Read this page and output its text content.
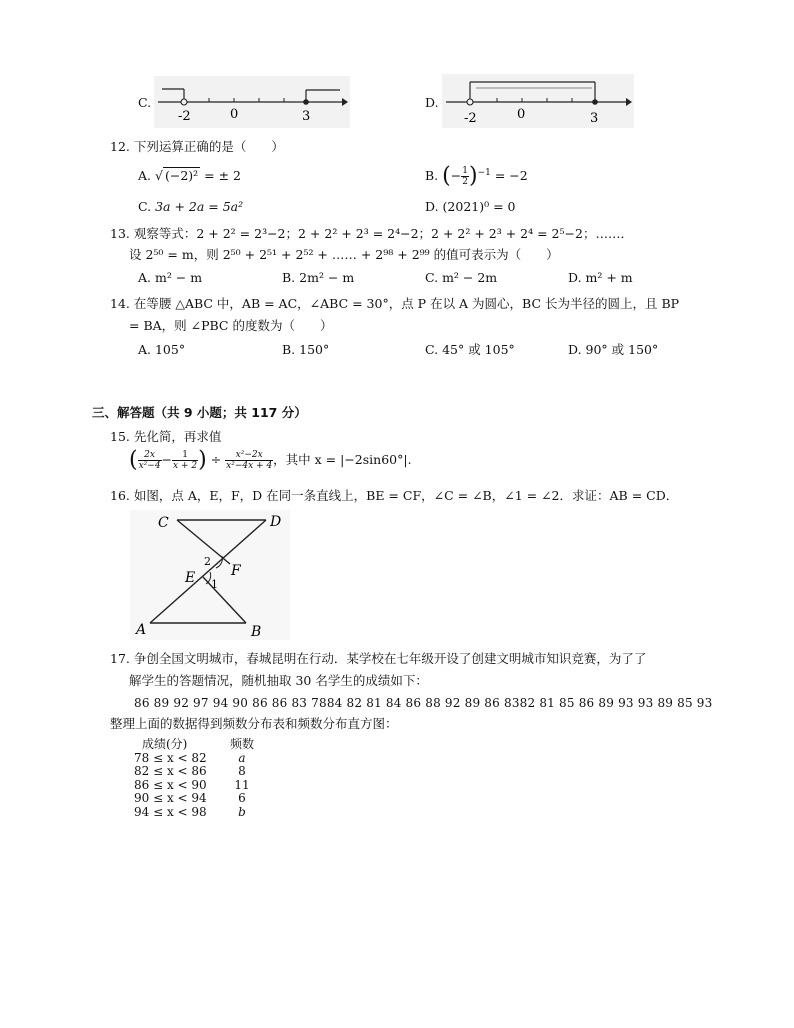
C.
-2	0	3
D.
-2	0	3
12. 下列运算正确的是（　　）
A. √ (−2)² = ± 2	B. (− $\frac{1}{2} )^{-1} = -2$
C. 3a + 2a = 5a²	D. (2021)⁰ = 0
13. 观察等式：2 + 2² = 2³−2；2 + 2² + 2³ = 2⁴−2；2 + 2² + 2³ + 2⁴ = 2⁵−2；……．
设 2⁵⁰ = m，则 2⁵⁰ + 2⁵¹ + 2⁵² + …… + 2⁹⁸ + 2⁹⁹ 的值可表示为（　　）
A. m² − m	B. 2m² − m	C. m² − 2m	D. m² + m
14. 在等腰 △ABC 中，AB = AC，∠ABC = 30°，点 P 在以 A 为圆心，BC 长为半径的圆上，且 BP
= BA，则 ∠PBC 的度数为（　　）
A. 105°	B. 150°	C. 45° 或 105°	D. 90° 或 150°
三、解答题（共 9 小题；共 117 分）
15. 先化简，再求值
( $\frac{2x}{\text{x²−4}} - \frac{1}{x + 2}$ ) ÷ $\frac{\text{x²−2x}}{\text{x²−4x + 4}}$ ，其中 x = |−2sin60°|.
16. 如图，点 A，E，F，D 在同一条直线上，BE = CF，∠C = ∠B，∠1 = ∠2．求证：AB = CD．
C	D
A	B
E	F
1
2
17. 争创全国文明城市，春城昆明在行动．某学校在七年级开设了创建文明城市知识竞赛，为了了
解学生的答题情况，随机抽取 30 名学生的成绩如下：
86 89 92 97 94 90 86 86 83 7884 82 81 84 86 88 92 89 86 8382 81 85 86 89 93 93 89 85 93
整理上面的数据得到频数分布表和频数分布直方图：
成绩(分)	频数
78 ≤ x < 82	a
82 ≤ x < 86	8
86 ≤ x < 90 11
90 ≤ x < 94	6
94 ≤ x < 98	b
